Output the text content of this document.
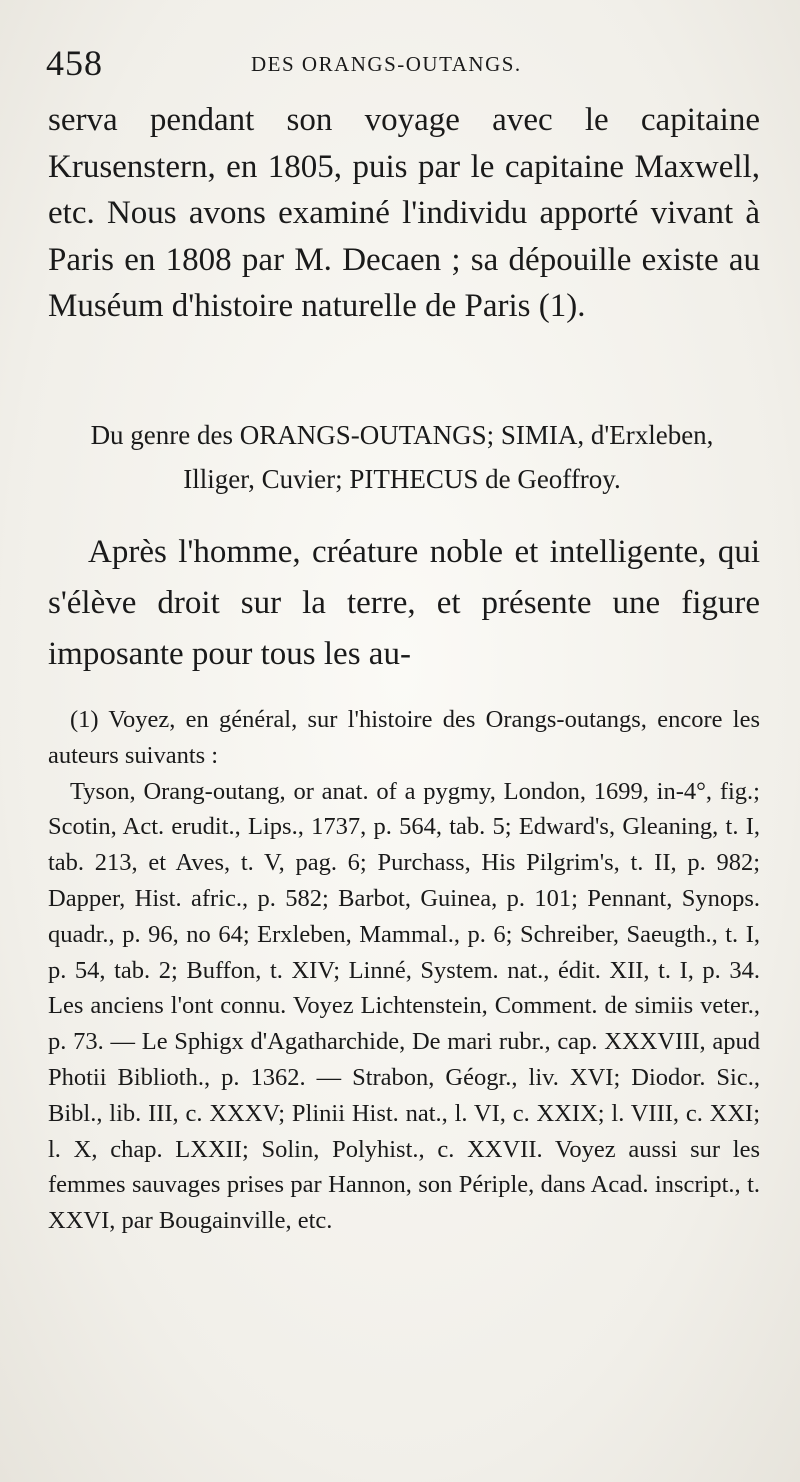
458	DES ORANGS-OUTANGS.

serva pendant son voyage avec le capitaine Krusenstern, en 1805, puis par le capitaine Maxwell, etc. Nous avons examiné l'individu apporté vivant à Paris en 1808 par M. Decaen ; sa dépouille existe au Muséum d'histoire naturelle de Paris (1).

Du genre des ORANGS-OUTANGS; SIMIA, d'Erxleben,
Illiger, Cuvier; PITHECUS de Geoffroy.

Après l'homme, créature noble et intelligente, qui s'élève droit sur la terre, et présente une figure imposante pour tous les au-

(1) Voyez, en général, sur l'histoire des Orangs-outangs, encore les auteurs suivants :

Tyson, Orang-outang, or anat. of a pygmy, London, 1699, in-4°, fig.; Scotin, Act. erudit., Lips., 1737, p. 564, tab. 5; Edward's, Gleaning, t. I, tab. 213, et Aves, t. V, pag. 6; Purchass, His Pilgrim's, t. II, p. 982; Dapper, Hist. afric., p. 582; Barbot, Guinea, p. 101; Pennant, Synops. quadr., p. 96, no 64; Erxleben, Mammal., p. 6; Schreiber, Saeugth., t. I, p. 54, tab. 2; Buffon, t. XIV; Linné, System. nat., édit. XII, t. I, p. 34. Les anciens l'ont connu. Voyez Lichtenstein, Comment. de simiis veter., p. 73. — Le Sphigx d'Agatharchide, De mari rubr., cap. XXXVIII, apud Photii Biblioth., p. 1362. — Strabon, Géogr., liv. XVI; Diodor. Sic., Bibl., lib. III, c. XXXV; Plinii Hist. nat., l. VI, c. XXIX; l. VIII, c. XXI; l. X, chap. LXXII; Solin, Polyhist., c. XXVII. Voyez aussi sur les femmes sauvages prises par Hannon, son Périple, dans Acad. inscript., t. XXVI, par Bougainville, etc.
